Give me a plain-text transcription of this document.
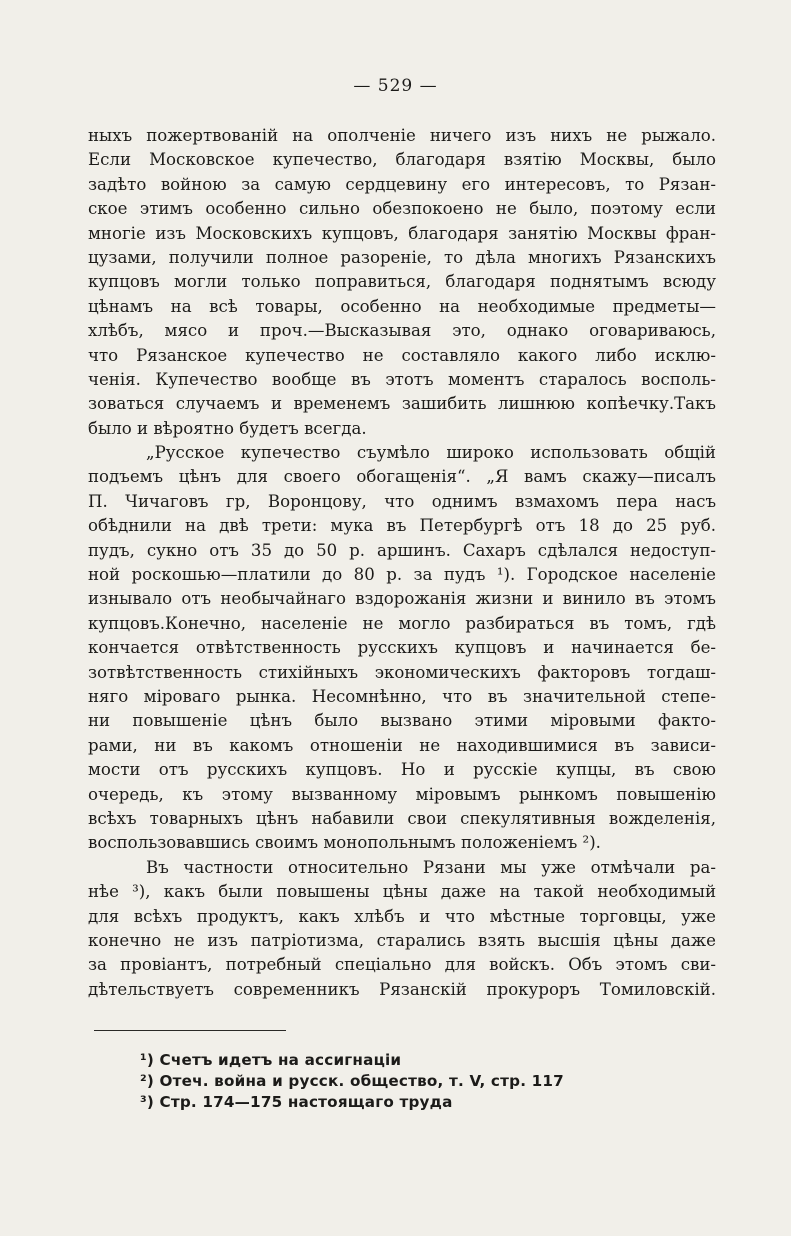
— 529 —
ныхъ пожертвованій на ополченіе ничего изъ нихъ не рыжало.
Если Московское купечество, благодаря взятію Москвы, было
задѣто войною за самую сердцевину его интересовъ, то Рязан-
ское этимъ особенно сильно обезпокоено не было, поэтому если
многіе изъ Московскихъ купцовъ, благодаря занятію Москвы фран-
цузами, получили полное разореніе, то дѣла многихъ Рязанскихъ
купцовъ могли только поправиться, благодаря поднятымъ всюду
цѣнамъ на всѣ товары, особенно на необходимые предметы—
хлѣбъ, мясо и проч.—Высказывая это, однако оговариваюсь,
что Рязанское купечество не составляло какого либо исклю-
ченія. Купечество вообще въ этотъ моментъ старалось восполь-
зоваться случаемъ и временемъ зашибить лишнюю копѣечку.Такъ
было и вѣроятно будетъ всегда.
„Русское купечество съумѣло широко использовать общій
подъемъ цѣнъ для своего обогащенія“. „Я вамъ скажу—писалъ
П. Чичаговъ гр, Воронцову, что однимъ взмахомъ пера насъ
обѣднили на двѣ трети: мука въ Петербургѣ отъ 18 до 25 руб.
пудъ, сукно отъ 35 до 50 р. аршинъ. Сахаръ сдѣлался недоступ-
ной роскошью—платили до 80 р. за пудъ ¹). Городское населеніе
изнывало отъ необычайнаго вздорожанія жизни и винило въ этомъ
купцовъ.Конечно, населеніе не могло разбираться въ томъ, гдѣ
кончается отвѣтственность русскихъ купцовъ и начинается бе-
зотвѣтственность стихійныхъ экономическихъ факторовъ тогдаш-
няго міроваго рынка. Несомнѣнно, что въ значительной степе-
ни повышеніе цѣнъ было вызвано этими міровыми факто-
рами, ни въ какомъ отношеніи не находившимися въ зависи-
мости отъ русскихъ купцовъ. Но и русскіе купцы, въ свою
очередь, къ этому вызванному міровымъ рынкомъ повышенію
всѣхъ товарныхъ цѣнъ набавили свои спекулятивныя вожделенія,
воспользовавшись своимъ монопольнымъ положеніемъ ²).
Въ частности относительно Рязани мы уже отмѣчали ра-
нѣе ³), какъ были повышены цѣны даже на такой необходимый
для всѣхъ продуктъ, какъ хлѣбъ и что мѣстные торговцы, уже
конечно не изъ патріотизма, старались взять высшія цѣны даже
за провіантъ, потребный спеціально для войскъ. Объ этомъ сви-
дѣтельствуетъ современникъ Рязанскій прокуроръ Томиловскій.
¹) Счетъ идетъ на ассигнаціи
²) Отеч. война и русск. общество, т. V, стр. 117
³) Стр. 174—175 настоящаго труда
